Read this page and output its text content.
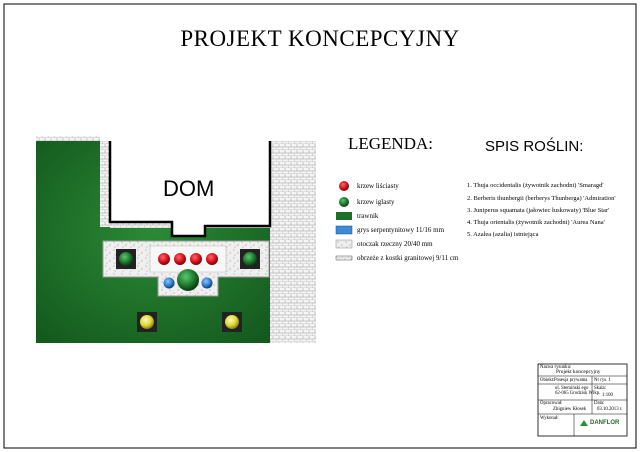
PROJEKT KONCEPCYJNY
DOM
LEGENDA:	SPIS ROŚLIN:
krzew liściasty
krzew iglasty
trawnik
grys serpentynitowy 11/16 mm
otoczak rzeczny 20/40 mm
obrzeże z kostki granitowej 9/11 cm
1. Thuja occidentalis (żywotnik zachodni) 'Smaragd'
2. Berberis thunbergii (berberys Thunberga) 'Admiration'
3. Juniperus squamata (jałowiec łuskowaty) 'Blue Star'
4. Thuja orientalis (żywotnik zachodni) 'Aurea Nana'
5. Azalea (azalia) istniejąca
Nazwa rysunku:
Projekt koncepcyjny
Obiekt: Posesja prywatna Nr rys. 1
ul. Stemiński ego
62-065 Grodzisk Wlkp.
Skala:
1:100
Opracował:
Zbigniew Kłosek
Data:
03.10.2013 r.
Wykonał:
DANFLOR
